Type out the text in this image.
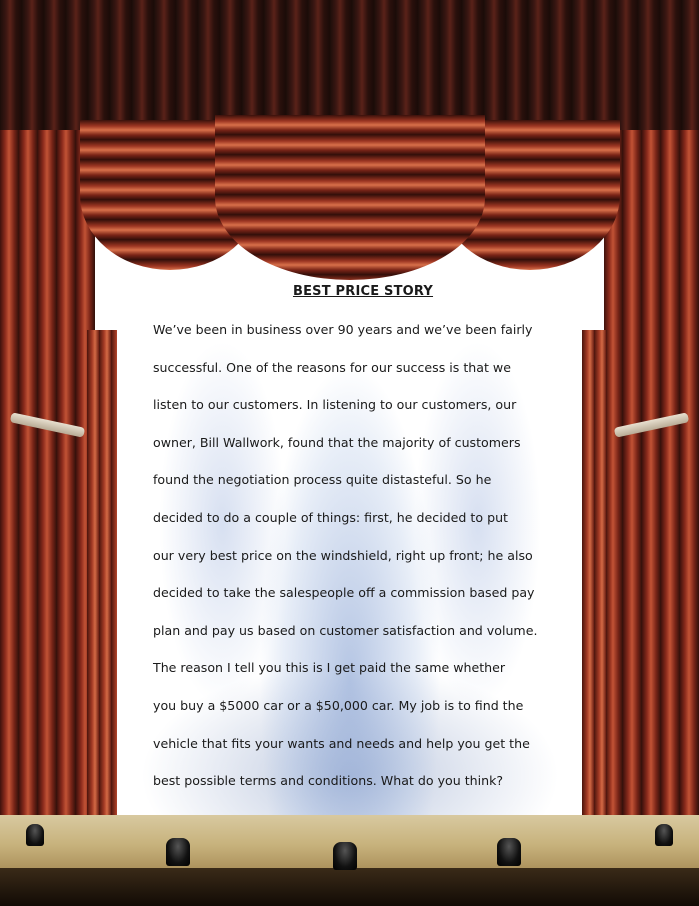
BEST PRICE STORY
We’ve been in business over 90 years and we’ve been fairly
successful. One of the reasons for our success is that we
listen to our customers. In listening to our customers, our
owner, Bill Wallwork, found that the majority of customers
found the negotiation process quite distasteful. So he
decided to do a couple of things: first, he decided to put
our very best price on the windshield, right up front; he also
decided to take the salespeople off a commission based pay
plan and pay us based on customer satisfaction and volume.
The reason I tell you this is I get paid the same whether
you buy a $5000 car or a $50,000 car. My job is to find the
vehicle that fits your wants and needs and help you get the
best possible terms and conditions. What do you think?
